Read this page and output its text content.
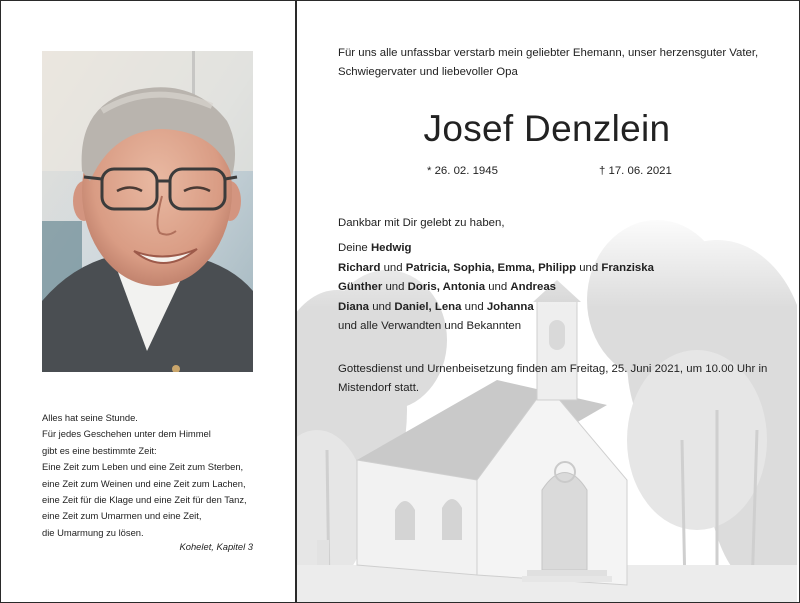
Alles hat seine Stunde.
Für jedes Geschehen unter dem Himmel
gibt es eine bestimmte Zeit:
Eine Zeit zum Leben und eine Zeit zum Sterben,
eine Zeit zum Weinen und eine Zeit zum Lachen,
eine Zeit für die Klage und eine Zeit für den Tanz,
eine Zeit zum Umarmen und eine Zeit,
die Umarmung zu lösen.
Kohelet, Kapitel 3
Für uns alle unfassbar verstarb mein geliebter Ehemann, unser herzensguter Vater, Schwiegervater und liebevoller Opa
Josef Denzlein
* 26. 02. 1945	† 17. 06. 2021
Dankbar mit Dir gelebt zu haben,
Deine Hedwig
Richard und Patricia, Sophia, Emma, Philipp und Franziska
Günther und Doris, Antonia und Andreas
Diana und Daniel, Lena und Johanna
und alle Verwandten und Bekannten
Gottesdienst und Urnenbeisetzung finden am Freitag, 25. Juni 2021, um 10.00 Uhr in Mistendorf statt.
